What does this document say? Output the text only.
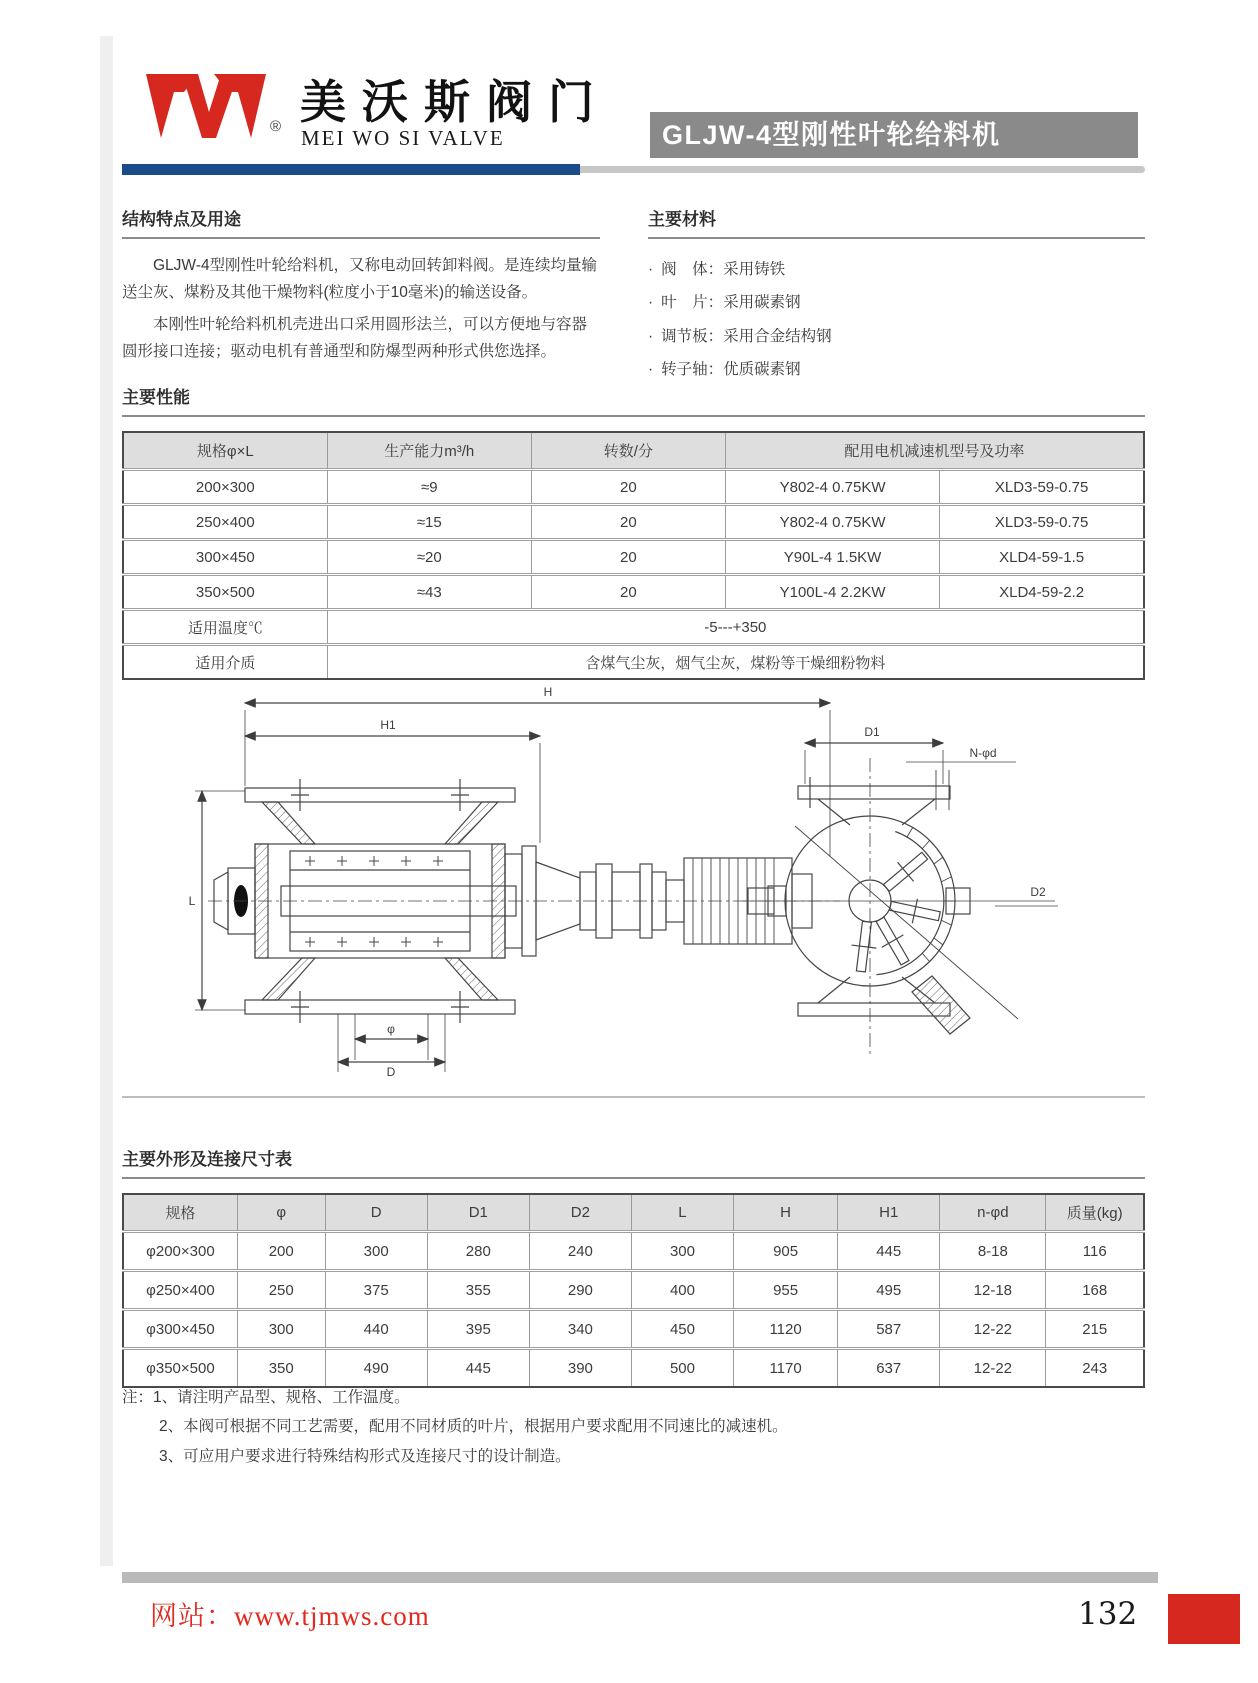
® 美沃斯阀门
MEI WO SI VALVE	GLJW-4型刚性叶轮给料机
结构特点及用途

GLJW-4型刚性叶轮给料机，又称电动回转卸料阀。是连续均量输送尘灰、煤粉及其他干燥物料(粒度小于10毫米)的输送设备。

本刚性叶轮给料机机壳进出口采用圆形法兰，可以方便地与容器圆形接口连接；驱动电机有普通型和防爆型两种形式供您选择。

主要材料
· 阀　体：采用铸铁
· 叶　片：采用碳素钢
· 调节板：采用合金结构钢
· 转子轴：优质碳素钢
主要性能
规格φ×L	生产能力m³/h	转数/分	配用电机减速机型号及功率	
200×300	≈9	20	Y802-4 0.75KW	XLD3-59-0.75
250×400	≈15	20	Y802-4 0.75KW	XLD3-59-0.75
300×450	≈20	20	Y90L-4 1.5KW	XLD4-59-1.5
350×500	≈43	20	Y100L-4 2.2KW	XLD4-59-2.2
适用温度℃	-5---+350			
适用介质	含煤气尘灰，烟气尘灰，煤粉等干燥细粉物料			
H
H1
L
φ
D
D1
N-φd
D2
主要外形及连接尺寸表
规格	φ	D	D1	D2	L	H	H1	n-φd	质量(kg)
φ200×300	200	300	280	240	300	905	445	8-18	116
φ250×400	250	375	355	290	400	955	495	12-18	168
φ300×450	300	440	395	340	450	1120	587	12-22	215
φ350×500	350	490	445	390	500	1170	637	12-22	243
注： 1、请注明产品型、规格、工作温度。
2、本阀可根据不同工艺需要，配用不同材质的叶片，根据用户要求配用不同速比的减速机。
3、可应用户要求进行特殊结构形式及连接尺寸的设计制造。
网站：www.tjmws.com	132
